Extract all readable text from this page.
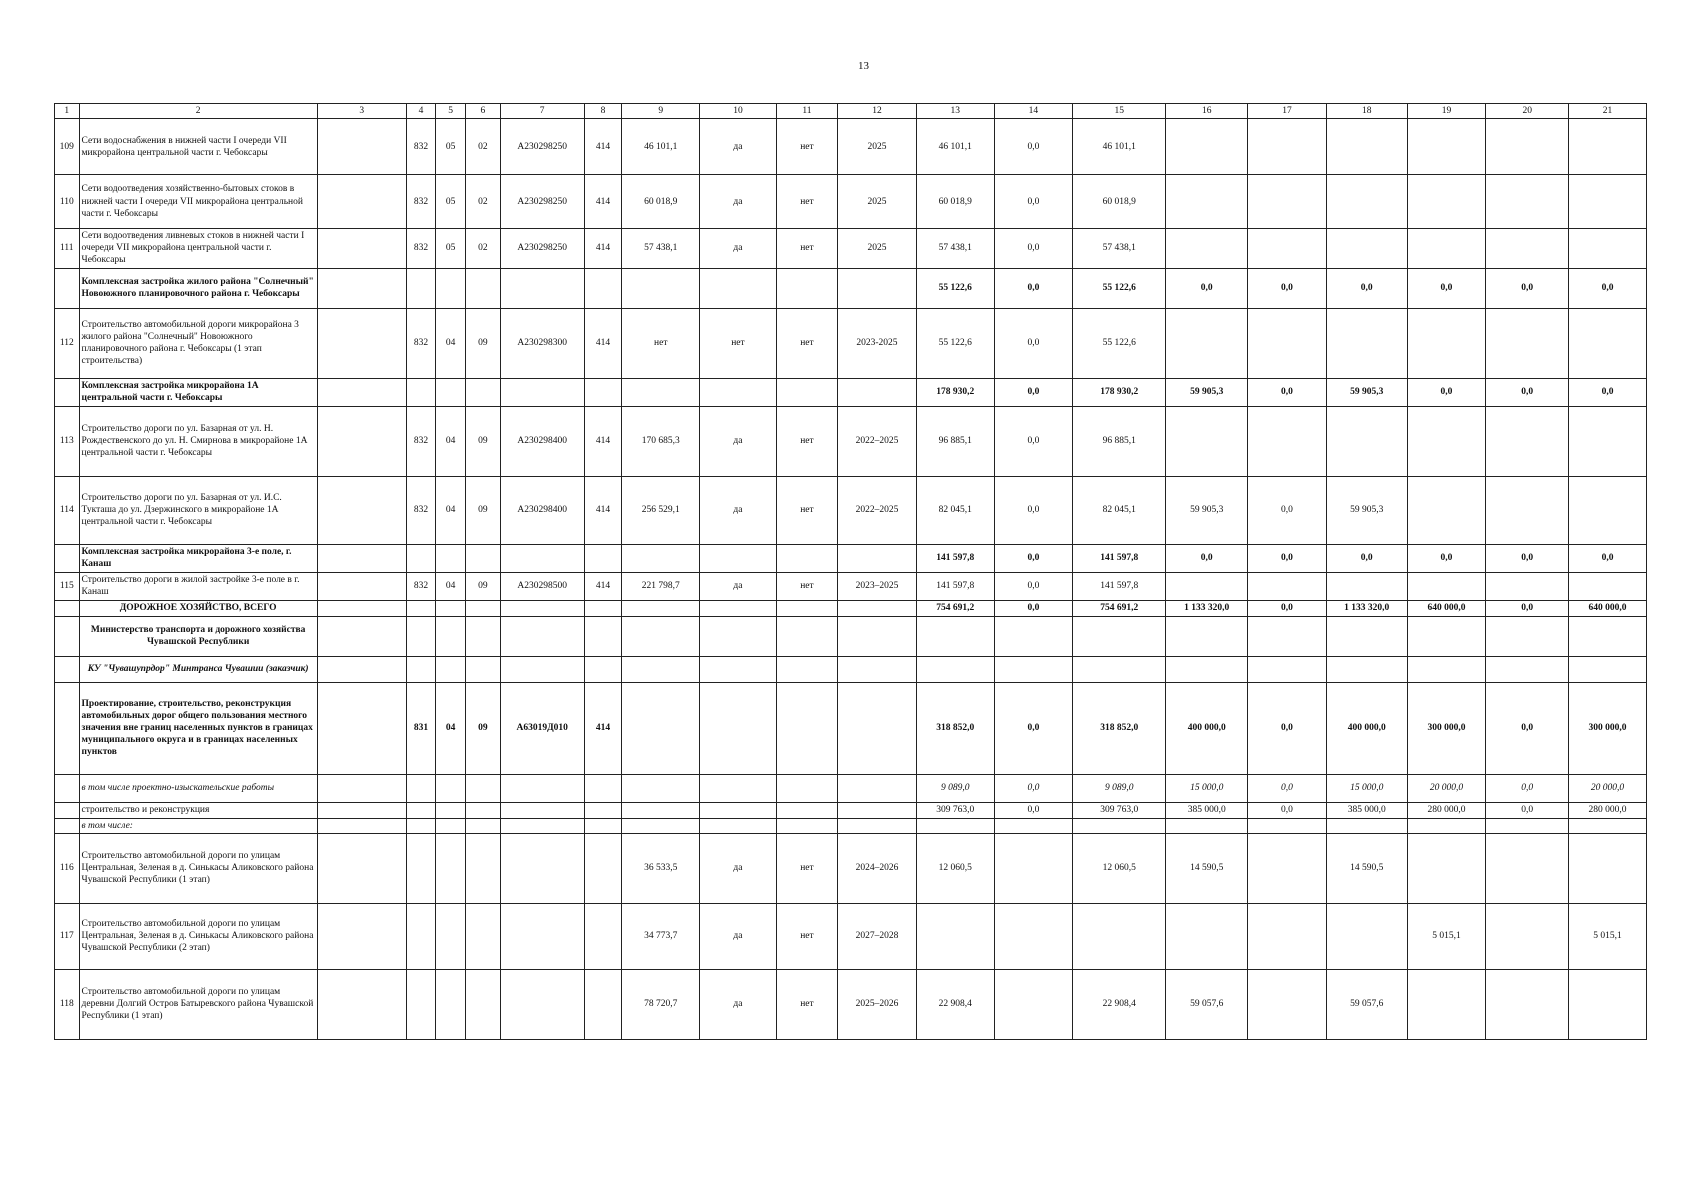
13
1	2	3	4	5	6	7	8	9	10	11	12	13	14	15	16	17	18	19	20	21
109	Сети водоснабжения в нижней части I очереди VII микрорайона центральной части г. Чебоксары		832	05	02	А230298250	414	46 101,1	да	нет	2025	46 101,1	0,0	46 101,1						
110	Сети водоотведения хозяйственно-бытовых стоков в нижней части I очереди VII микрорайона центральной части г. Чебоксары		832	05	02	А230298250	414	60 018,9	да	нет	2025	60 018,9	0,0	60 018,9						
111	Сети водоотведения ливневых стоков в нижней части I очереди VII микрорайона центральной части г. Чебоксары		832	05	02	А230298250	414	57 438,1	да	нет	2025	57 438,1	0,0	57 438,1						
	Комплексная застройка жилого района "Солнечный" Новоюжного планировочного района г. Чебоксары											55 122,6	0,0	55 122,6	0,0	0,0	0,0	0,0	0,0	0,0
112	Строительство автомобильной дороги микрорайона 3 жилого района "Солнечный" Новоюжного планировочного района г. Чебоксары (1 этап строительства)		832	04	09	А230298300	414	нет	нет	нет	2023-2025	55 122,6	0,0	55 122,6						
	Комплексная застройка микрорайона 1А центральной части г. Чебоксары											178 930,2	0,0	178 930,2	59 905,3	0,0	59 905,3	0,0	0,0	0,0
113	Строительство дороги по ул. Базарная от ул. Н. Рождественского до ул. Н. Смирнова в микрорайоне 1А центральной части г. Чебоксары		832	04	09	А230298400	414	170 685,3	да	нет	2022–2025	96 885,1	0,0	96 885,1						
114	Строительство дороги по ул. Базарная от ул. И.С. Тукташа до ул. Дзержинского в микрорайоне 1А центральной части г. Чебоксары		832	04	09	А230298400	414	256 529,1	да	нет	2022–2025	82 045,1	0,0	82 045,1	59 905,3	0,0	59 905,3			
	Комплексная застройка микрорайона 3-е поле, г. Канаш											141 597,8	0,0	141 597,8	0,0	0,0	0,0	0,0	0,0	0,0
115	Строительство дороги в жилой застройке 3-е поле в г. Канаш		832	04	09	А230298500	414	221 798,7	да	нет	2023–2025	141 597,8	0,0	141 597,8						
	ДОРОЖНОЕ ХОЗЯЙСТВО, ВСЕГО											754 691,2	0,0	754 691,2	1 133 320,0	0,0	1 133 320,0	640 000,0	0,0	640 000,0
	Министерство транспорта и дорожного хозяйства Чувашской Республики																			
	КУ "Чувашупрдор" Минтранса Чувашии (заказчик)																			
	Проектирование, строительство, реконструкция автомобильных дорог общего пользования местного значения вне границ населенных пунктов в границах муниципального округа и в границах населенных пунктов		831	04	09	А63019Д010	414					318 852,0	0,0	318 852,0	400 000,0	0,0	400 000,0	300 000,0	0,0	300 000,0
	в том числе проектно-изыскательские работы											9 089,0	0,0	9 089,0	15 000,0	0,0	15 000,0	20 000,0	0,0	20 000,0
	строительство и реконструкция											309 763,0	0,0	309 763,0	385 000,0	0,0	385 000,0	280 000,0	0,0	280 000,0
	в том числе:																			
116	Строительство автомобильной дороги по улицам Центральная, Зеленая в д. Синькасы Аликовского района Чувашской Республики (1 этап)							36 533,5	да	нет	2024–2026	12 060,5		12 060,5	14 590,5		14 590,5			
117	Строительство автомобильной дороги по улицам Центральная, Зеленая в д. Синькасы Аликовского района Чувашской Республики (2 этап)							34 773,7	да	нет	2027–2028							5 015,1		5 015,1
118	Строительство автомобильной дороги по улицам деревни Долгий Остров Батыревского района Чувашской Республики (1 этап)							78 720,7	да	нет	2025–2026	22 908,4		22 908,4	59 057,6		59 057,6			
